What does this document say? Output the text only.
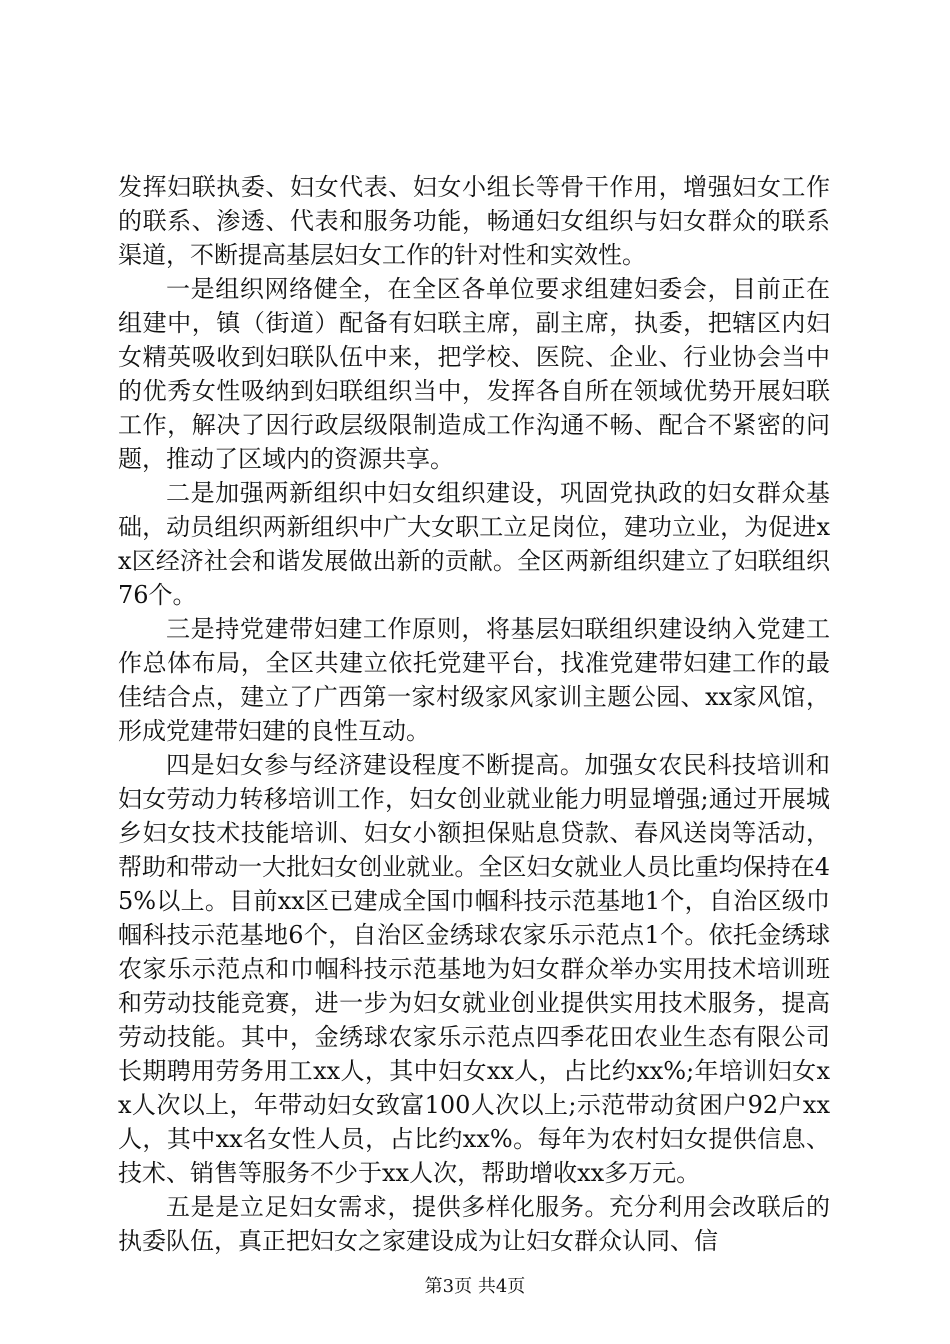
发挥妇联执委、妇女代表、妇女小组长等骨干作用，增强妇女工作的联系、渗透、代表和服务功能，畅通妇女组织与妇女群众的联系渠道，不断提高基层妇女工作的针对性和实效性。

一是组织网络健全，在全区各单位要求组建妇委会，目前正在组建中，镇（街道）配备有妇联主席，副主席，执委，把辖区内妇女精英吸收到妇联队伍中来，把学校、医院、企业、行业协会当中的优秀女性吸纳到妇联组织当中，发挥各自所在领域优势开展妇联工作，解决了因行政层级限制造成工作沟通不畅、配合不紧密的问题，推动了区域内的资源共享。

二是加强两新组织中妇女组织建设，巩固党执政的妇女群众基础，动员组织两新组织中广大女职工立足岗位，建功立业，为促进xx区经济社会和谐发展做出新的贡献。全区两新组织建立了妇联组织76个。

三是持党建带妇建工作原则，将基层妇联组织建设纳入党建工作总体布局，全区共建立依托党建平台，找准党建带妇建工作的最佳结合点，建立了广西第一家村级家风家训主题公园、xx家风馆，形成党建带妇建的良性互动。

四是妇女参与经济建设程度不断提高。加强女农民科技培训和妇女劳动力转移培训工作，妇女创业就业能力明显增强;通过开展城乡妇女技术技能培训、妇女小额担保贴息贷款、春风送岗等活动，帮助和带动一大批妇女创业就业。全区妇女就业人员比重均保持在45%以上。目前xx区已建成全国巾帼科技示范基地1个，自治区级巾帼科技示范基地6个，自治区金绣球农家乐示范点1个。依托金绣球农家乐示范点和巾帼科技示范基地为妇女群众举办实用技术培训班和劳动技能竞赛，进一步为妇女就业创业提供实用技术服务，提高劳动技能。其中，金绣球农家乐示范点四季花田农业生态有限公司长期聘用劳务用工xx人，其中妇女xx人，占比约xx%;年培训妇女xx人次以上，年带动妇女致富100人次以上;示范带动贫困户92户xx人，其中xx名女性人员，占比约xx%。每年为农村妇女提供信息、技术、销售等服务不少于xx人次，帮助增收xx多万元。

五是是立足妇女需求，提供多样化服务。充分利用会改联后的执委队伍，真正把妇女之家建设成为让妇女群众认同、信

第3页 共4页
